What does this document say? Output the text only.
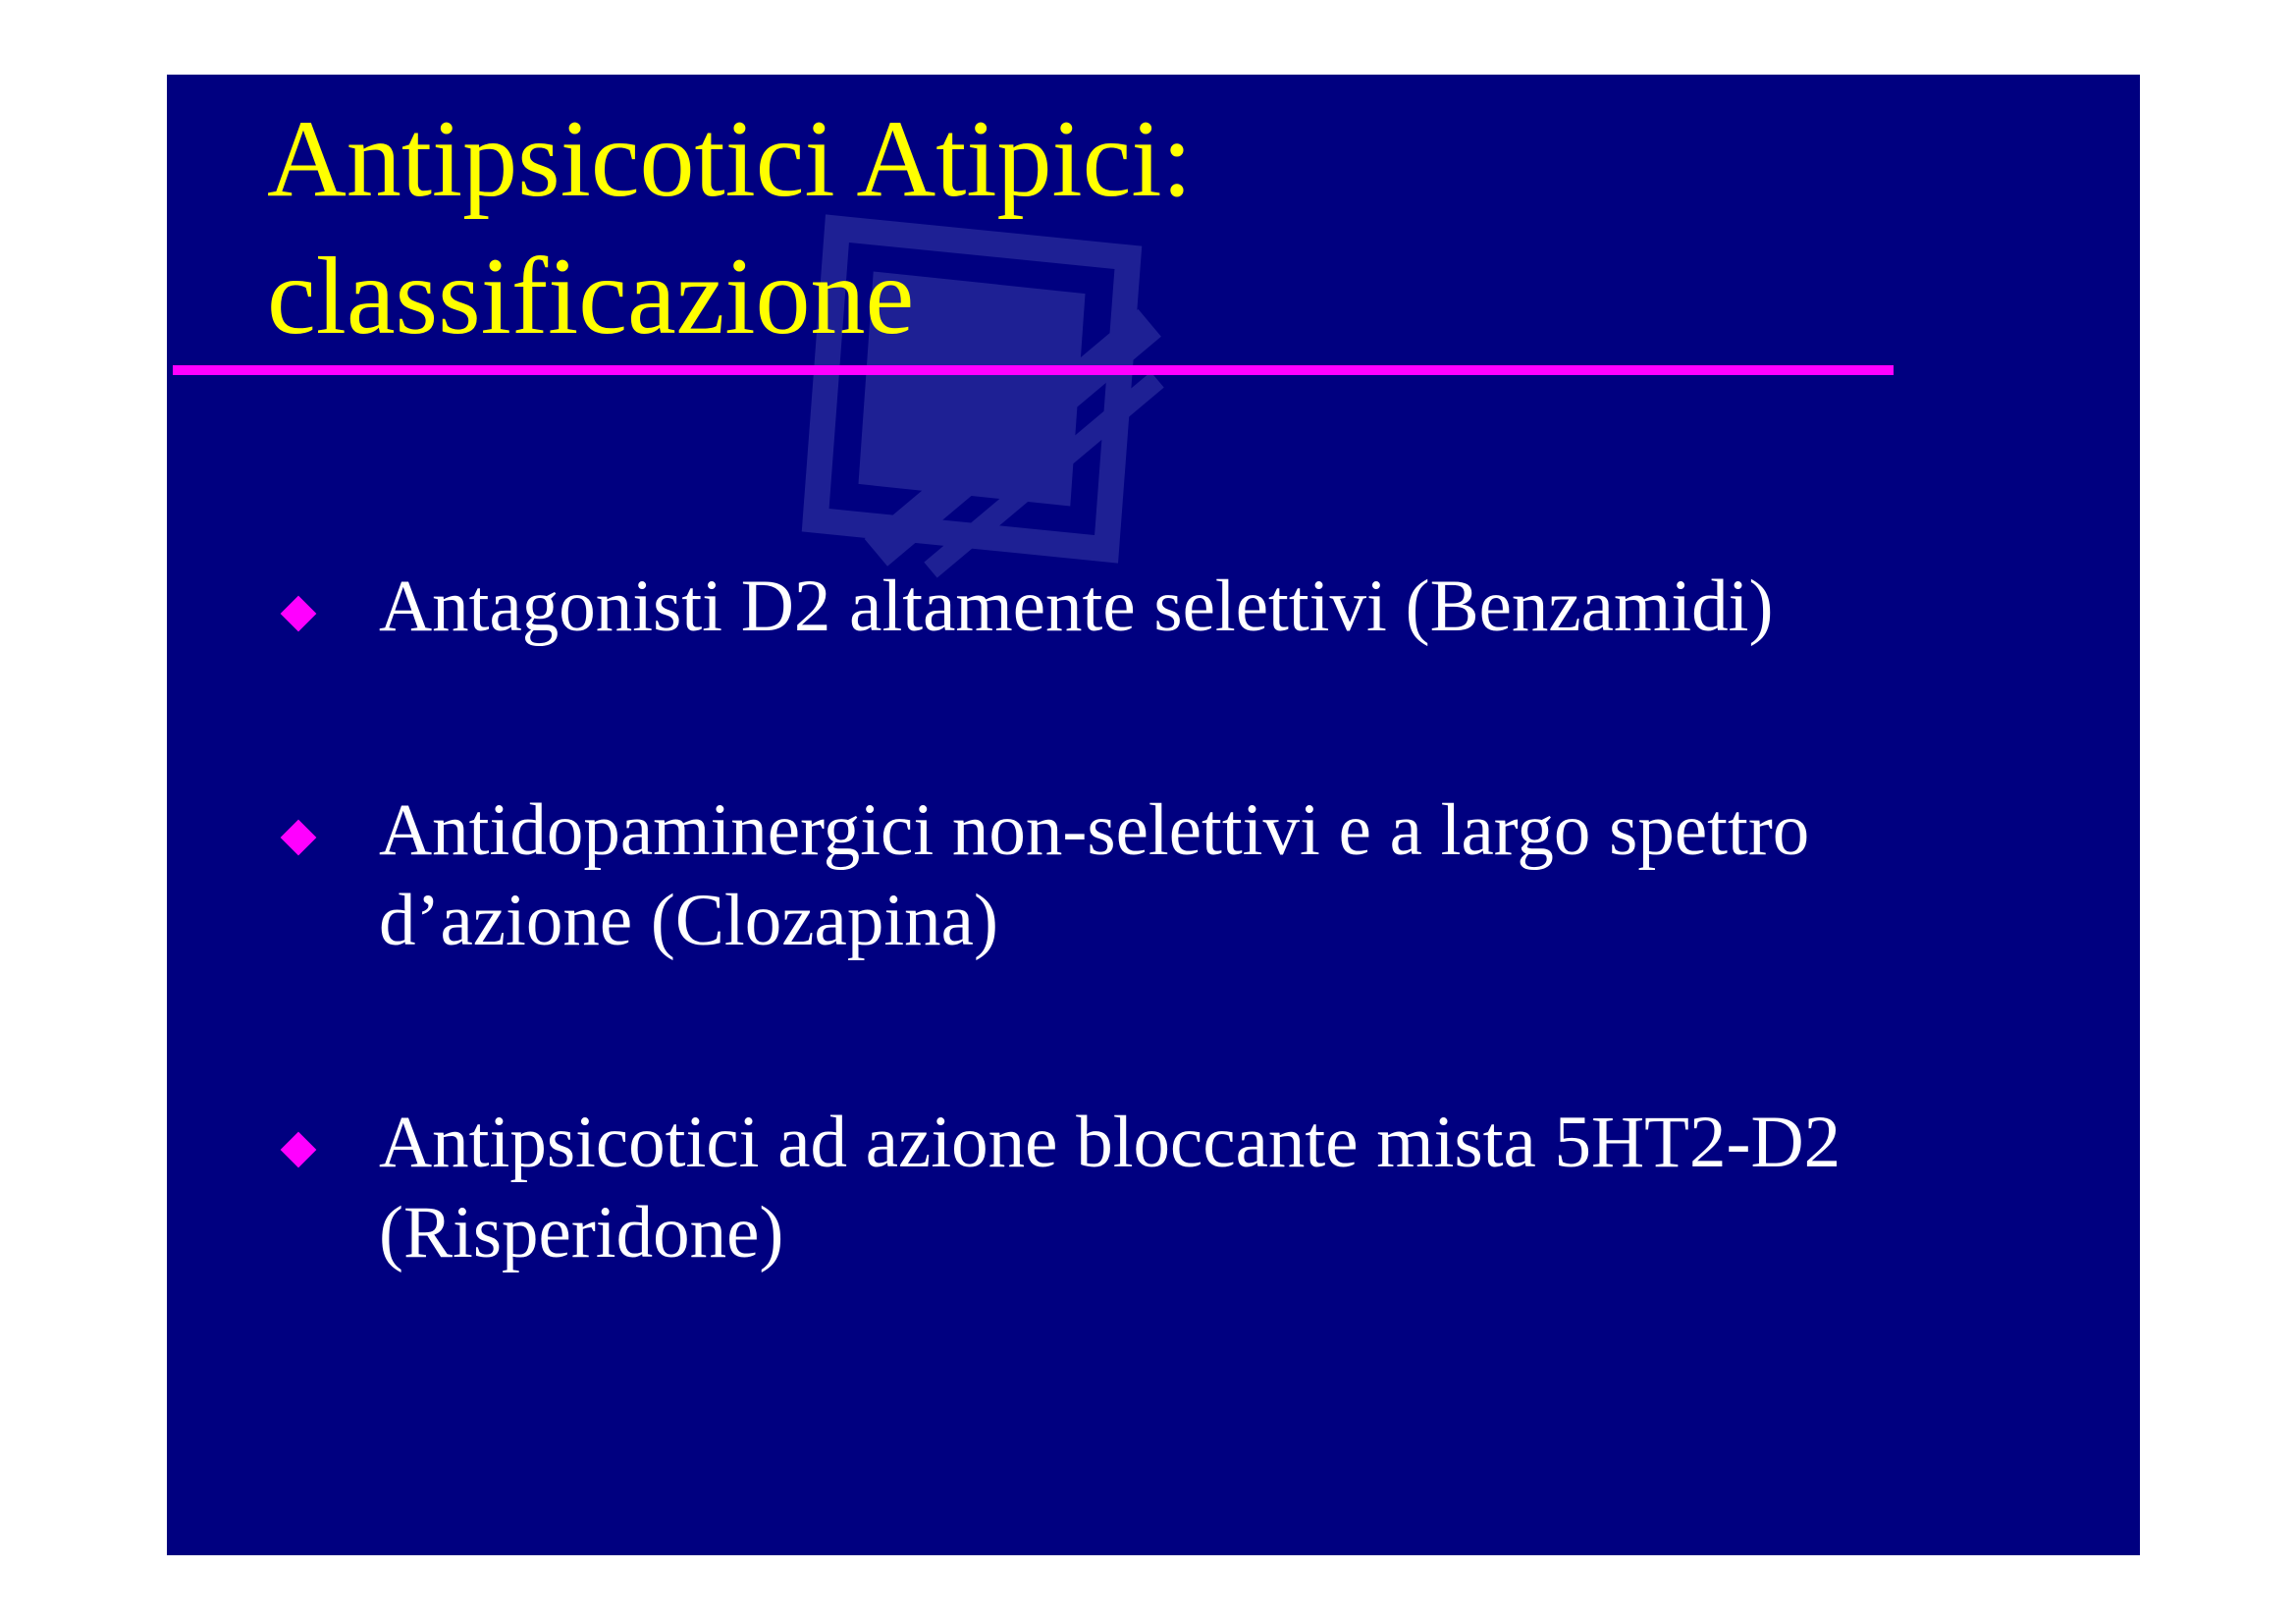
Antipsicotici Atipici:
classificazione
Antagonisti D2 altamente selettivi (Benzamidi)
Antidopaminergici non-selettivi e a largo spettro
d’azione (Clozapina)
Antipsicotici ad azione bloccante mista 5HT2-D2
(Risperidone)
